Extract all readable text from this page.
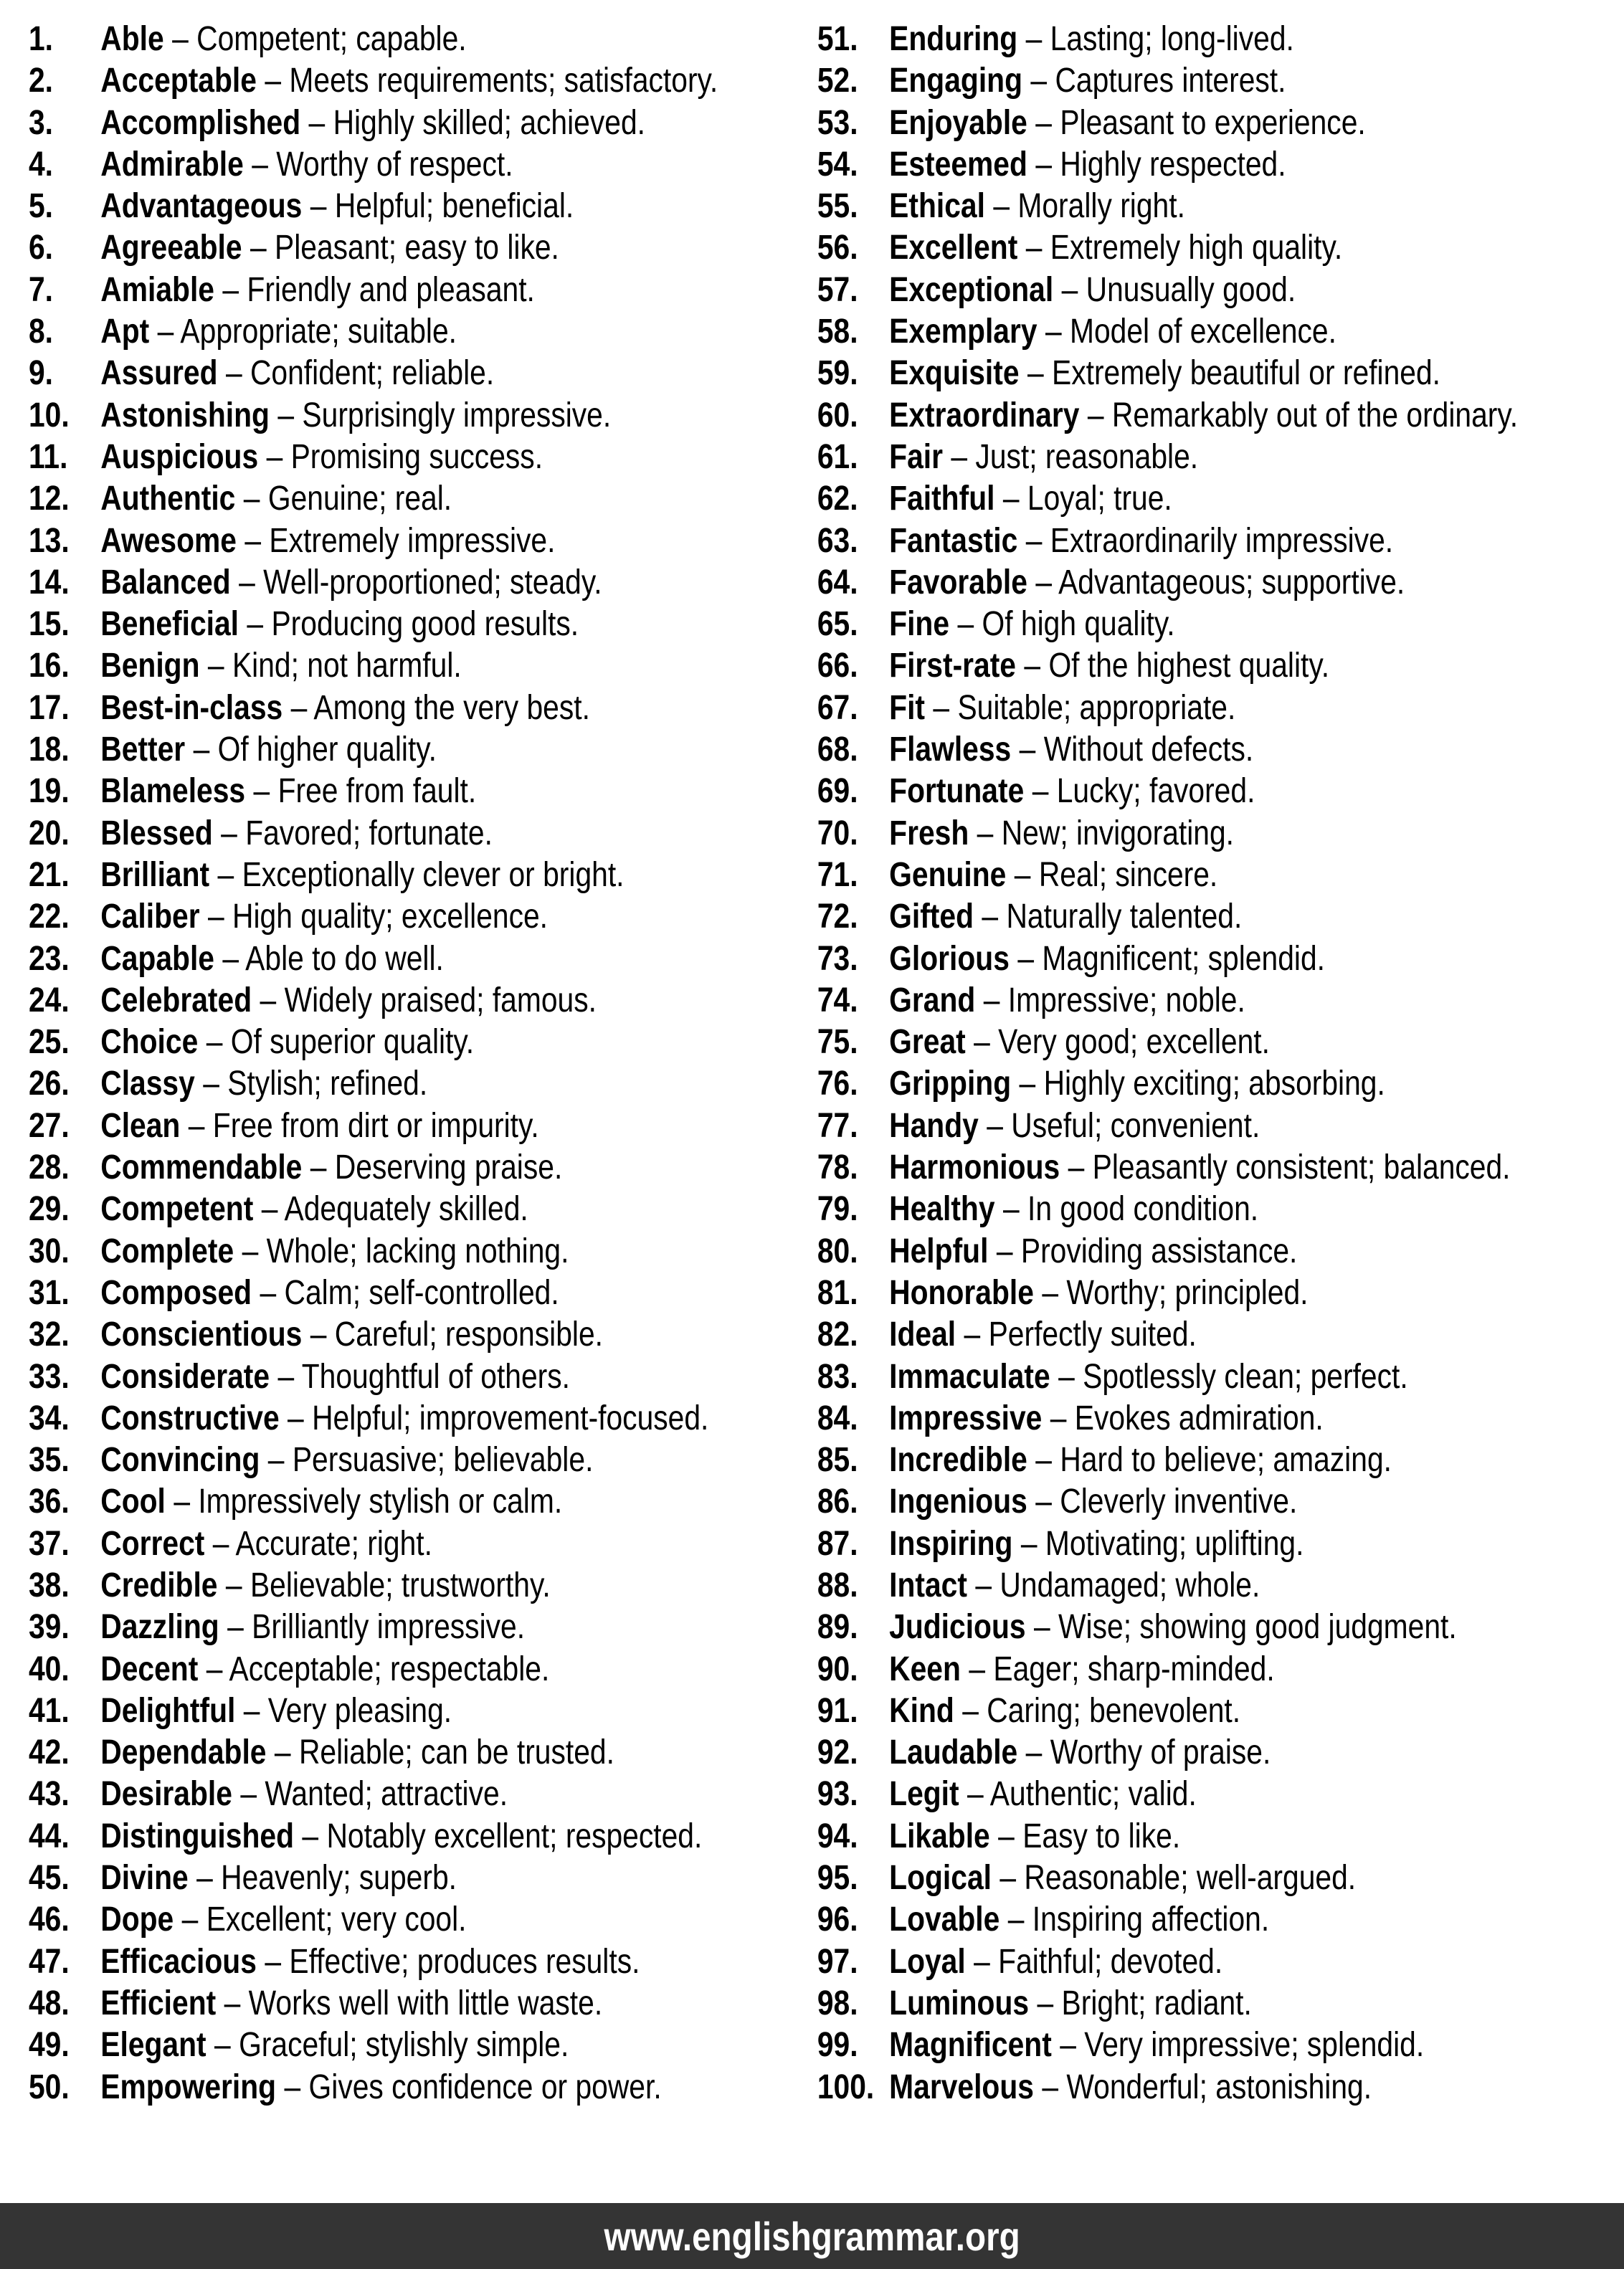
1. Able – Competent; capable.
2. Acceptable – Meets requirements; satisfactory.
3. Accomplished – Highly skilled; achieved.
4. Admirable – Worthy of respect.
5. Advantageous – Helpful; beneficial.
6. Agreeable – Pleasant; easy to like.
7. Amiable – Friendly and pleasant.
8. Apt – Appropriate; suitable.
9. Assured – Confident; reliable.
10. Astonishing – Surprisingly impressive.
11. Auspicious – Promising success.
12. Authentic – Genuine; real.
13. Awesome – Extremely impressive.
14. Balanced – Well-proportioned; steady.
15. Beneficial – Producing good results.
16. Benign – Kind; not harmful.
17. Best-in-class – Among the very best.
18. Better – Of higher quality.
19. Blameless – Free from fault.
20. Blessed – Favored; fortunate.
21. Brilliant – Exceptionally clever or bright.
22. Caliber – High quality; excellence.
23. Capable – Able to do well.
24. Celebrated – Widely praised; famous.
25. Choice – Of superior quality.
26. Classy – Stylish; refined.
27. Clean – Free from dirt or impurity.
28. Commendable – Deserving praise.
29. Competent – Adequately skilled.
30. Complete – Whole; lacking nothing.
31. Composed – Calm; self-controlled.
32. Conscientious – Careful; responsible.
33. Considerate – Thoughtful of others.
34. Constructive – Helpful; improvement-focused.
35. Convincing – Persuasive; believable.
36. Cool – Impressively stylish or calm.
37. Correct – Accurate; right.
38. Credible – Believable; trustworthy.
39. Dazzling – Brilliantly impressive.
40. Decent – Acceptable; respectable.
41. Delightful – Very pleasing.
42. Dependable – Reliable; can be trusted.
43. Desirable – Wanted; attractive.
44. Distinguished – Notably excellent; respected.
45. Divine – Heavenly; superb.
46. Dope – Excellent; very cool.
47. Efficacious – Effective; produces results.
48. Efficient – Works well with little waste.
49. Elegant – Graceful; stylishly simple.
50. Empowering – Gives confidence or power.
51. Enduring – Lasting; long-lived.
52. Engaging – Captures interest.
53. Enjoyable – Pleasant to experience.
54. Esteemed – Highly respected.
55. Ethical – Morally right.
56. Excellent – Extremely high quality.
57. Exceptional – Unusually good.
58. Exemplary – Model of excellence.
59. Exquisite – Extremely beautiful or refined.
60. Extraordinary – Remarkably out of the ordinary.
61. Fair – Just; reasonable.
62. Faithful – Loyal; true.
63. Fantastic – Extraordinarily impressive.
64. Favorable – Advantageous; supportive.
65. Fine – Of high quality.
66. First-rate – Of the highest quality.
67. Fit – Suitable; appropriate.
68. Flawless – Without defects.
69. Fortunate – Lucky; favored.
70. Fresh – New; invigorating.
71. Genuine – Real; sincere.
72. Gifted – Naturally talented.
73. Glorious – Magnificent; splendid.
74. Grand – Impressive; noble.
75. Great – Very good; excellent.
76. Gripping – Highly exciting; absorbing.
77. Handy – Useful; convenient.
78. Harmonious – Pleasantly consistent; balanced.
79. Healthy – In good condition.
80. Helpful – Providing assistance.
81. Honorable – Worthy; principled.
82. Ideal – Perfectly suited.
83. Immaculate – Spotlessly clean; perfect.
84. Impressive – Evokes admiration.
85. Incredible – Hard to believe; amazing.
86. Ingenious – Cleverly inventive.
87. Inspiring – Motivating; uplifting.
88. Intact – Undamaged; whole.
89. Judicious – Wise; showing good judgment.
90. Keen – Eager; sharp-minded.
91. Kind – Caring; benevolent.
92. Laudable – Worthy of praise.
93. Legit – Authentic; valid.
94. Likable – Easy to like.
95. Logical – Reasonable; well-argued.
96. Lovable – Inspiring affection.
97. Loyal – Faithful; devoted.
98. Luminous – Bright; radiant.
99. Magnificent – Very impressive; splendid.
100. Marvelous – Wonderful; astonishing.
www.englishgrammar.org
